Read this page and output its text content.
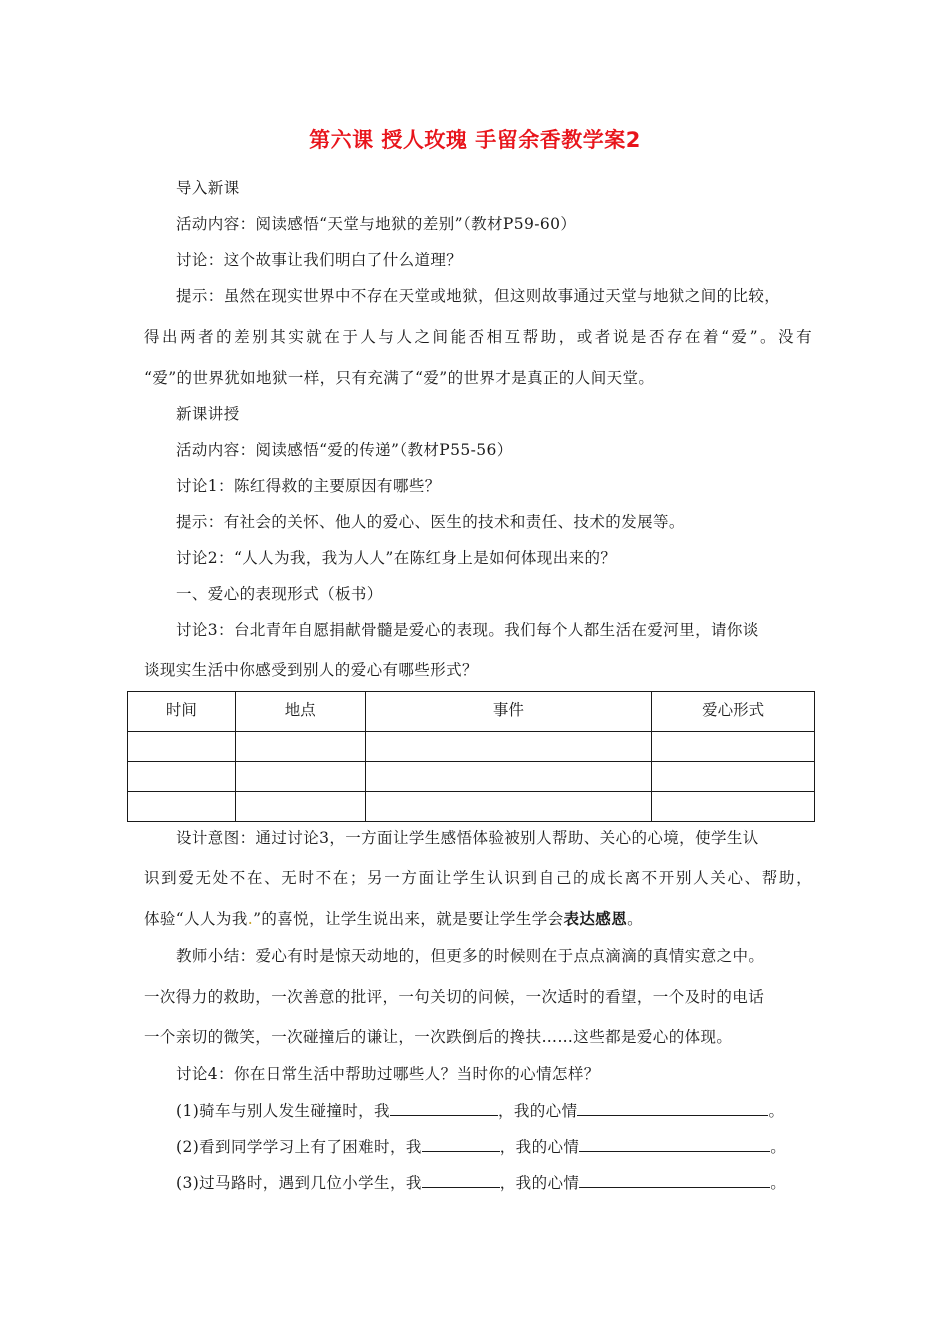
第六课 授人玫瑰 手留余香教学案2
导入新课
活动内容：阅读感悟“天堂与地狱的差别”（教材P59-60）
讨论：这个故事让我们明白了什么道理？
提示：虽然在现实世界中不存在天堂或地狱，但这则故事通过天堂与地狱之间的比较，
得出两者的差别其实就在于人与人之间能否相互帮助，或者说是否存在着“爱”。没有
“爱”的世界犹如地狱一样，只有充满了“爱”的世界才是真正的人间天堂。
新课讲授
活动内容：阅读感悟“爱的传递”（教材P55-56）
讨论1：陈红得救的主要原因有哪些？
提示：有社会的关怀、他人的爱心、医生的技术和责任、技术的发展等。
讨论2：“人人为我，我为人人”在陈红身上是如何体现出来的？
一、爱心的表现形式（板书）
讨论3：台北青年自愿捐献骨髓是爱心的表现。我们每个人都生活在爱河里，请你谈
谈现实生活中你感受到别人的爱心有哪些形式？
时间	地点	事件	爱心形式

设计意图：通过讨论3，一方面让学生感悟体验被别人帮助、关心的心境，使学生认
识到爱无处不在、无时不在；另一方面让学生认识到自己的成长离不开别人关心、帮助，
体验“人人为我.”的喜悦，让学生说出来，就是要让学生学会表达感恩。
教师小结：爱心有时是惊天动地的，但更多的时候则在于点点滴滴的真情实意之中。
一次得力的救助，一次善意的批评，一句关切的问候，一次适时的看望，一个及时的电话
一个亲切的微笑，一次碰撞后的谦让，一次跌倒后的搀扶……这些都是爱心的体现。
讨论4：你在日常生活中帮助过哪些人？当时你的心情怎样？
(1)骑车与别人发生碰撞时，我	，我的心情	。
(2)看到同学学习上有了困难时，我	，我的心情	。
(3)过马路时，遇到几位小学生，我	，我的心情	。
